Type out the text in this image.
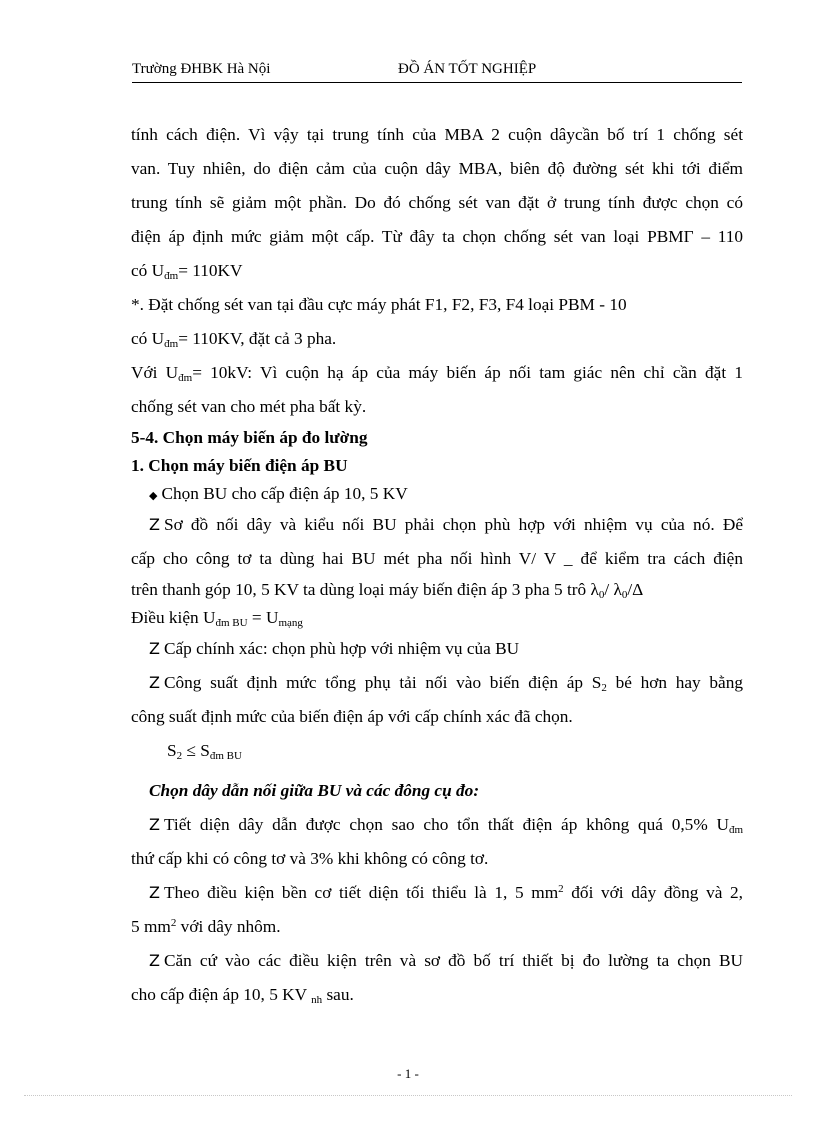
Trường ĐHBK Hà Nội	ĐỒ ÁN TỐT NGHIỆP
tính cách điện. Vì vậy tại trung tính của MBA 2 cuộn dâycần bố trí 1 chống sét
van. Tuy nhiên, do điện cảm của cuộn dây MBA, biên độ đường sét khi tới điểm
trung tính sẽ giảm một phần. Do đó chống sét van đặt ở trung tính được chọn có
điện áp định mức giảm một cấp. Từ đây ta chọn chống sét van loại PBMГ – 110
có $U_{đm}= 110KV$
*. Đặt chống sét van tại đầu cực máy phát F1, F2, F3, F4 loại PBM - 10
có $U_{đm}= 110KV$, đặt cả 3 pha.
Với $U_{đm}= 10kV$: Vì cuộn hạ áp của máy biến áp nối tam giác nên chỉ cần đặt 1
chống sét van cho mét pha bất kỳ.
5-4. Chọn máy biến áp đo lường
1. Chọn máy biến điện áp BU
◆ Chọn BU cho cấp điện áp 10, 5 KV
Z Sơ đồ nối dây và kiểu nối BU phải chọn phù hợp với nhiệm vụ của nó. Để
cấp cho công tơ ta dùng hai BU mét pha nối hình V/ V _ để kiểm tra cách điện
trên thanh góp 10, 5 KV ta dùng loại máy biến điện áp 3 pha 5 trô $\lambda_0/$ $\lambda_0/\Delta$
Điều kiện $U_{đm BU} = U_{mạng}$
Z Cấp chính xác: chọn phù hợp với nhiệm vụ của BU
Z Công suất định mức tổng phụ tải nối vào biến điện áp $S_2$ bé hơn hay bằng
công suất định mức của biến điện áp với cấp chính xác đã chọn.
$S_2 \le S_{đm BU}$
Chọn dây dẫn nối giữa BU và các đông cụ đo:
Z Tiết diện dây dẫn được chọn sao cho tổn thất điện áp không quá 0,5% $U_{đm}$
thứ cấp khi có công tơ và 3% khi không có công tơ.
Z Theo điều kiện bền cơ tiết diện tối thiểu là 1, 5 $mm^2$ đối với dây đồng và 2,
5 $mm^2$ với dây nhôm.
Z Căn cứ vào các điều kiện trên và sơ đồ bố trí thiết bị đo lường ta chọn BU
cho cấp điện áp 10, 5 KV $_{nh}$ sau.
- 1 -
